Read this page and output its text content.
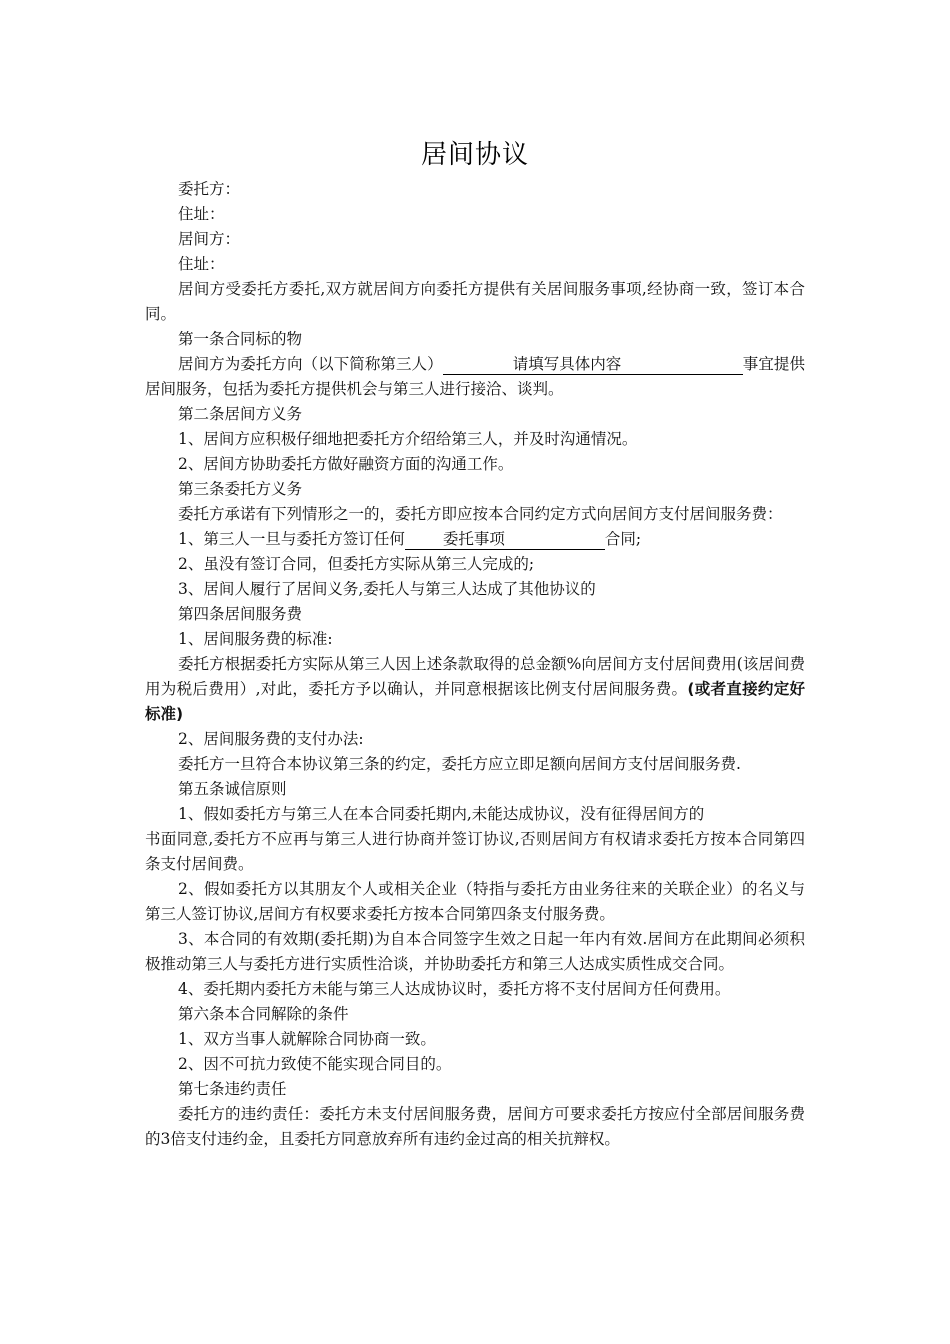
居间协议

委托方：

住址：

居间方：

住址：

居间方受委托方委托,双方就居间方向委托方提供有关居间服务事项,经协商一致，签订本合同。

第一条合同标的物

居间方为委托方向（以下简称第三人）	请填写具体内容	事宜提供居间服务，包括为委托方提供机会与第三人进行接洽、谈判。

第二条居间方义务

1、居间方应积极仔细地把委托方介绍给第三人，并及时沟通情况。

2、居间方协助委托方做好融资方面的沟通工作。

第三条委托方义务

委托方承诺有下列情形之一的，委托方即应按本合同约定方式向居间方支付居间服务费：

1、第三人一旦与委托方签订任何 委托事项	合同;

2、虽没有签订合同，但委托方实际从第三人完成的;

3、居间人履行了居间义务,委托人与第三人达成了其他协议的

第四条居间服务费

1、居间服务费的标准:

委托方根据委托方实际从第三人因上述条款取得的总金额%向居间方支付居间费用(该居间费用为税后费用）,对此，委托方予以确认，并同意根据该比例支付居间服务费。(或者直接约定好标准)

2、居间服务费的支付办法:

委托方一旦符合本协议第三条的约定，委托方应立即足额向居间方支付居间服务费.

第五条诚信原则

1、假如委托方与第三人在本合同委托期内,未能达成协议，没有征得居间方的

书面同意,委托方不应再与第三人进行协商并签订协议,否则居间方有权请求委托方按本合同第四条支付居间费。

2、假如委托方以其朋友个人或相关企业（特指与委托方由业务往来的关联企业）的名义与第三人签订协议,居间方有权要求委托方按本合同第四条支付服务费。

3、本合同的有效期(委托期)为自本合同签字生效之日起一年内有效.居间方在此期间必须积极推动第三人与委托方进行实质性洽谈，并协助委托方和第三人达成实质性成交合同。

4、委托期内委托方未能与第三人达成协议时，委托方将不支付居间方任何费用。

第六条本合同解除的条件

1、双方当事人就解除合同协商一致。

2、因不可抗力致使不能实现合同目的。

第七条违约责任

委托方的违约责任：委托方未支付居间服务费，居间方可要求委托方按应付全部居间服务费的3倍支付违约金，且委托方同意放弃所有违约金过高的相关抗辩权。
